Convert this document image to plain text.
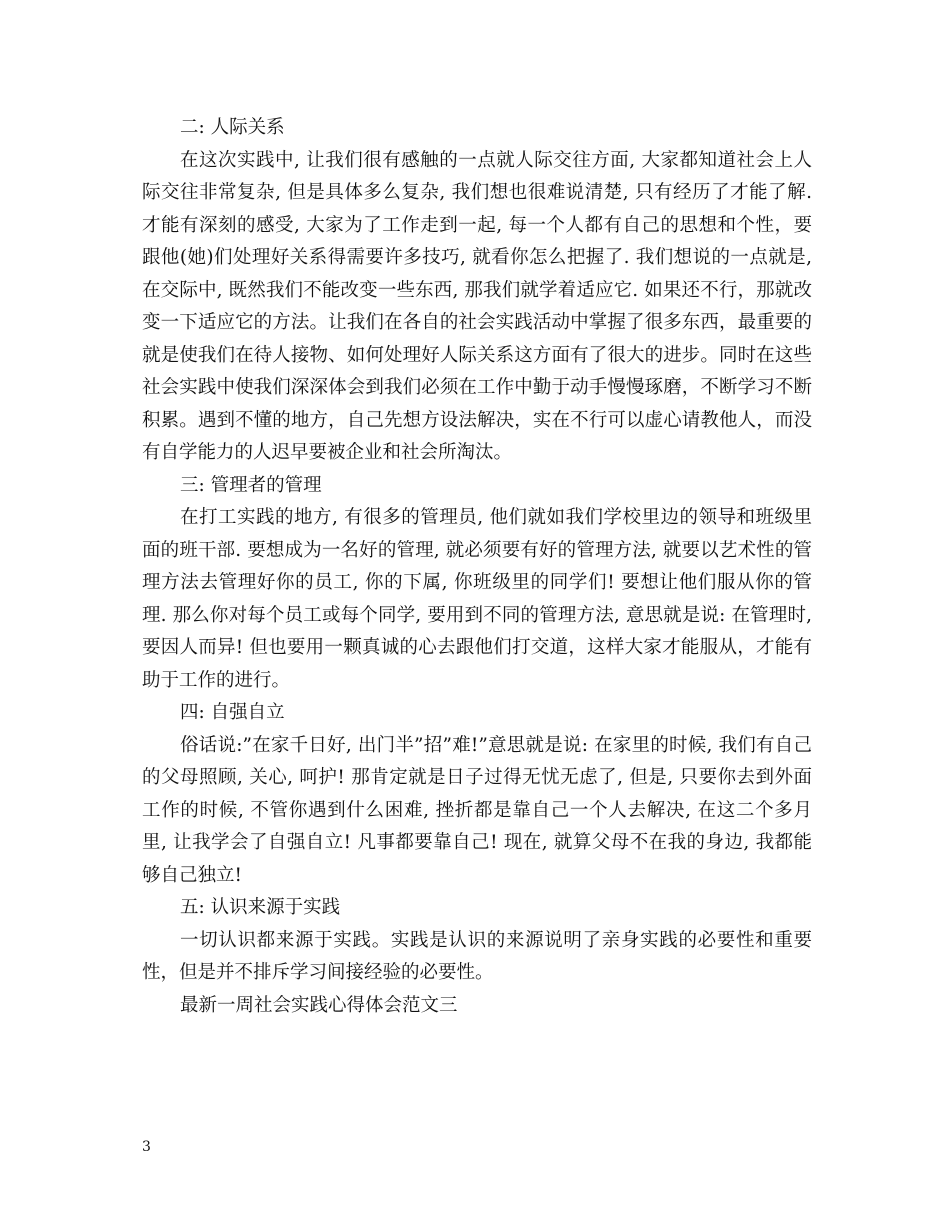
二: 人际关系

在这次实践中, 让我们很有感触的一点就人际交往方面, 大家都知道社会上人际交往非常复杂, 但是具体多么复杂, 我们想也很难说清楚, 只有经历了才能了解. 才能有深刻的感受, 大家为了工作走到一起, 每一个人都有自己的思想和个性，要跟他(她)们处理好关系得需要许多技巧, 就看你怎么把握了. 我们想说的一点就是, 在交际中, 既然我们不能改变一些东西, 那我们就学着适应它. 如果还不行，那就改变一下适应它的方法。让我们在各自的社会实践活动中掌握了很多东西，最重要的就是使我们在待人接物、如何处理好人际关系这方面有了很大的进步。同时在这些社会实践中使我们深深体会到我们必须在工作中勤于动手慢慢琢磨，不断学习不断积累。遇到不懂的地方，自己先想方设法解决，实在不行可以虚心请教他人，而没有自学能力的人迟早要被企业和社会所淘汰。

三: 管理者的管理

在打工实践的地方, 有很多的管理员, 他们就如我们学校里边的领导和班级里面的班干部. 要想成为一名好的管理, 就必须要有好的管理方法, 就要以艺术性的管理方法去管理好你的员工, 你的下属, 你班级里的同学们! 要想让他们服从你的管理. 那么你对每个员工或每个同学, 要用到不同的管理方法, 意思就是说: 在管理时, 要因人而异! 但也要用一颗真诚的心去跟他们打交道，这样大家才能服从，才能有助于工作的进行。

四: 自强自立

俗话说:”在家千日好, 出门半”招”难!”意思就是说: 在家里的时候, 我们有自己的父母照顾, 关心, 呵护! 那肯定就是日子过得无忧无虑了, 但是, 只要你去到外面工作的时候, 不管你遇到什么困难, 挫折都是靠自己一个人去解决, 在这二个多月里, 让我学会了自强自立! 凡事都要靠自己! 现在, 就算父母不在我的身边, 我都能够自己独立!

五: 认识来源于实践

一切认识都来源于实践。实践是认识的来源说明了亲身实践的必要性和重要性，但是并不排斥学习间接经验的必要性。

最新一周社会实践心得体会范文三

3
